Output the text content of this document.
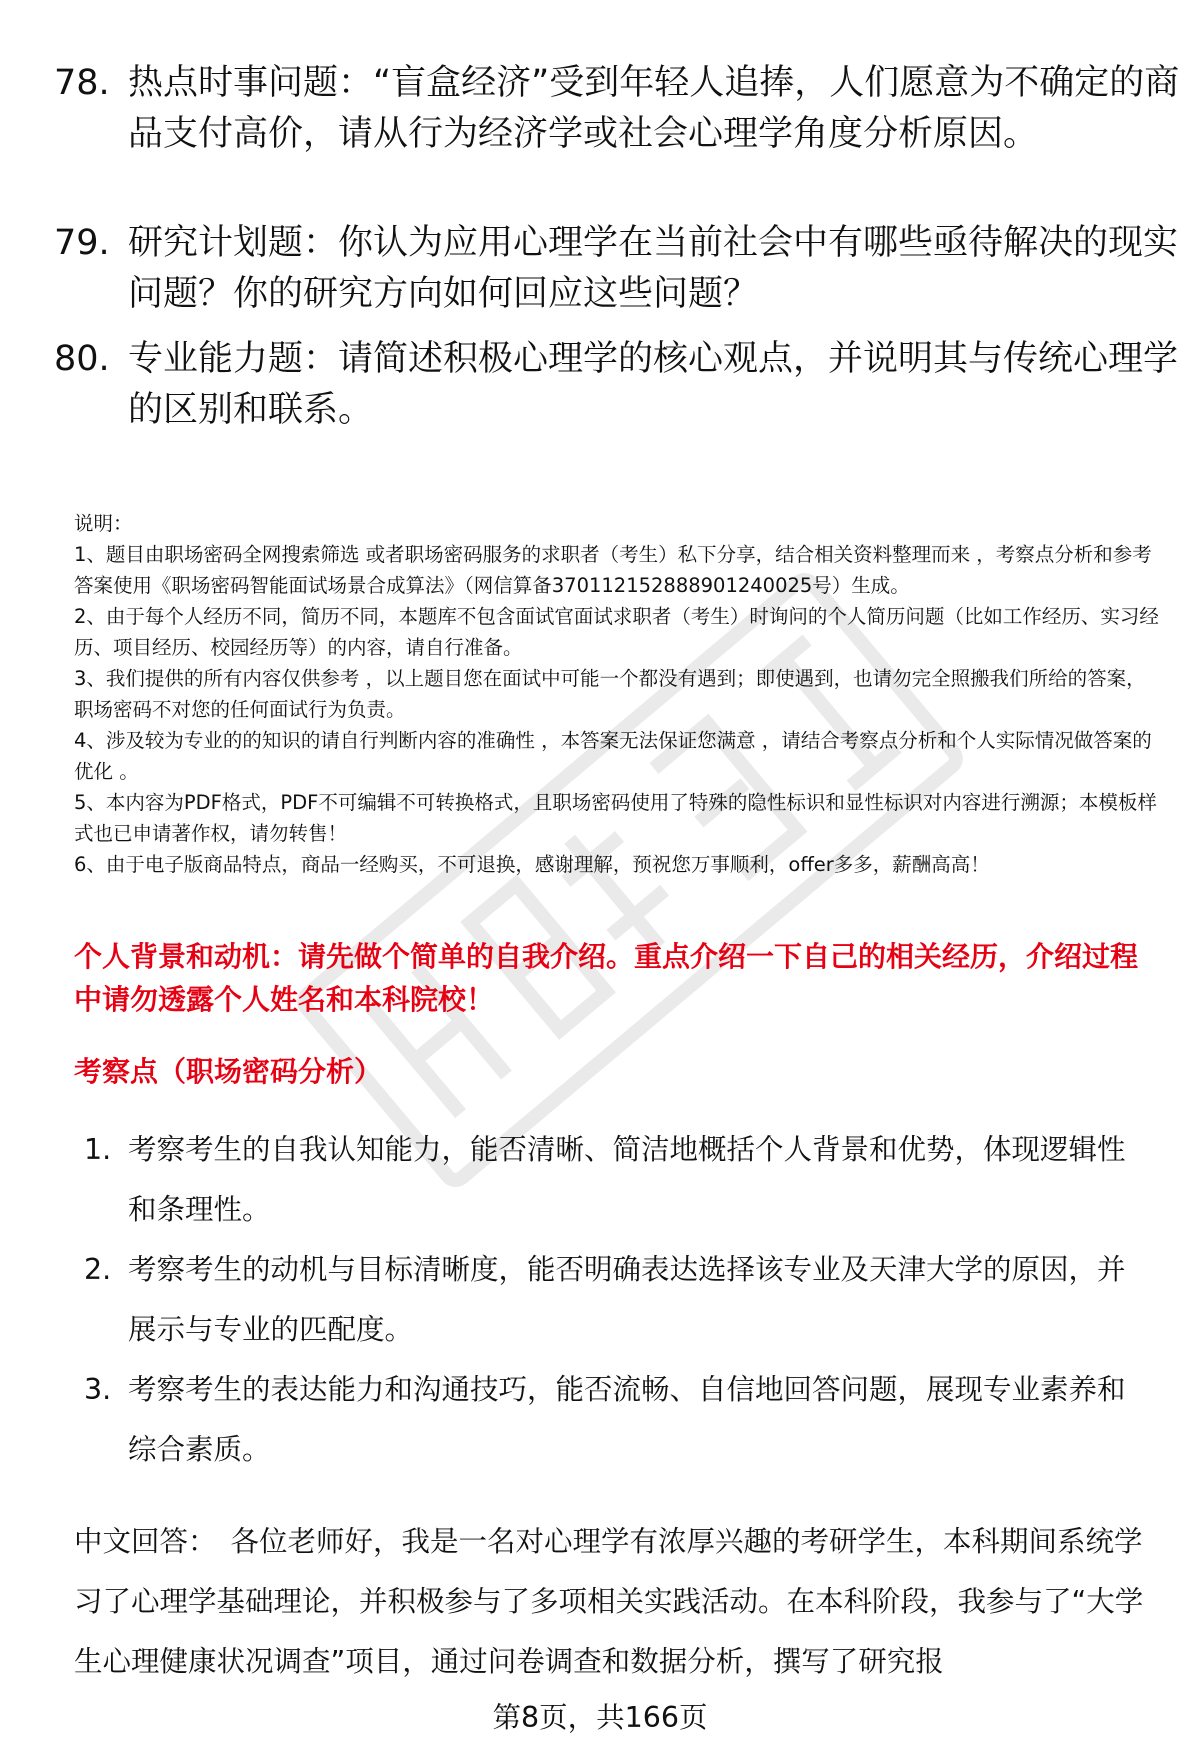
78. 热点时事问题：“盲盒经济”受到年轻人追捧，人们愿意为不确定的商品支付高价，请从行为经济学或社会心理学角度分析原因。
79. 研究计划题：你认为应用心理学在当前社会中有哪些亟待解决的现实问题？你的研究方向如何回应这些问题？
80. 专业能力题：请简述积极心理学的核心观点，并说明其与传统心理学的区别和联系。

说明：

1、题目由职场密码全网搜索筛选 或者职场密码服务的求职者（考生）私下分享，结合相关资料整理而来 ，考察点分析和参考答案使用《职场密码智能面试场景合成算法》（网信算备370112152888901240025号）生成。

2、由于每个人经历不同，简历不同，本题库不包含面试官面试求职者（考生）时询问的个人简历问题（比如工作经历、实习经历、项目经历、校园经历等）的内容，请自行准备。

3、我们提供的所有内容仅供参考 ，以上题目您在面试中可能一个都没有遇到；即使遇到，也请勿完全照搬我们所给的答案，职场密码不对您的任何面试行为负责。

4、涉及较为专业的的知识的请自行判断内容的准确性 ，本答案无法保证您满意 ，请结合考察点分析和个人实际情况做答案的优化 。

5、本内容为PDF格式，PDF不可编辑不可转换格式，且职场密码使用了特殊的隐性标识和显性标识对内容进行溯源；本模板样式也已申请著作权，请勿转售！

6、由于电子版商品特点，商品一经购买，不可退换，感谢理解，预祝您万事顺利，offer多多，薪酬高高！

个人背景和动机：请先做个简单的自我介绍。重点介绍一下自己的相关经历，介绍过程中请勿透露个人姓名和本科院校！
考察点（职场密码分析）
1. 考察考生的自我认知能力，能否清晰、简洁地概括个人背景和优势，体现逻辑性和条理性。
2. 考察考生的动机与目标清晰度，能否明确表达选择该专业及天津大学的原因，并展示与专业的匹配度。
3. 考察考生的表达能力和沟通技巧，能否流畅、自信地回答问题，展现专业素养和综合素质。
中文回答： 各位老师好，我是一名对心理学有浓厚兴趣的考研学生，本科期间系统学习了心理学基础理论，并积极参与了多项相关实践活动。在本科阶段，我参与了“大学生心理健康状况调查”项目，通过问卷调查和数据分析，撰写了研究报
第8页，共166页
